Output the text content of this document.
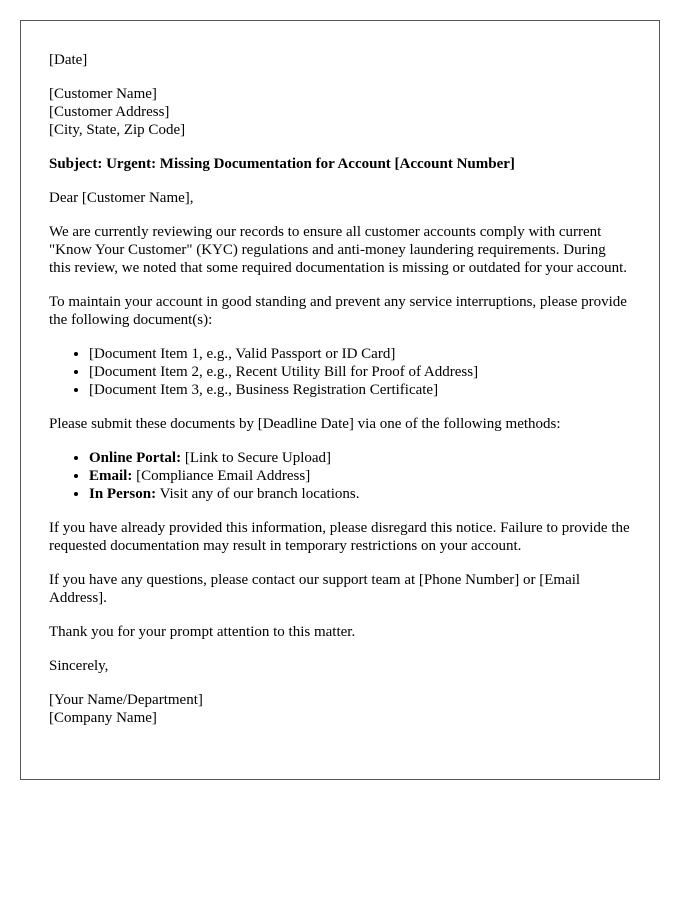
[Date]

[Customer Name]

[Customer Address]

[City, State, Zip Code]

Subject: Urgent: Missing Documentation for Account [Account Number]

Dear [Customer Name],

We are currently reviewing our records to ensure all customer accounts comply with current "Know Your Customer" (KYC) regulations and anti-money laundering requirements. During this review, we noted that some required documentation is missing or outdated for your account.

To maintain your account in good standing and prevent any service interruptions, please provide the following document(s):

• [Document Item 1, e.g., Valid Passport or ID Card]
• [Document Item 2, e.g., Recent Utility Bill for Proof of Address]
• [Document Item 3, e.g., Business Registration Certificate]

Please submit these documents by [Deadline Date] via one of the following methods:

• Online Portal: [Link to Secure Upload]
• Email: [Compliance Email Address]
• In Person: Visit any of our branch locations.

If you have already provided this information, please disregard this notice. Failure to provide the requested documentation may result in temporary restrictions on your account.

If you have any questions, please contact our support team at [Phone Number] or [Email Address].

Thank you for your prompt attention to this matter.

Sincerely,

[Your Name/Department]

[Company Name]
